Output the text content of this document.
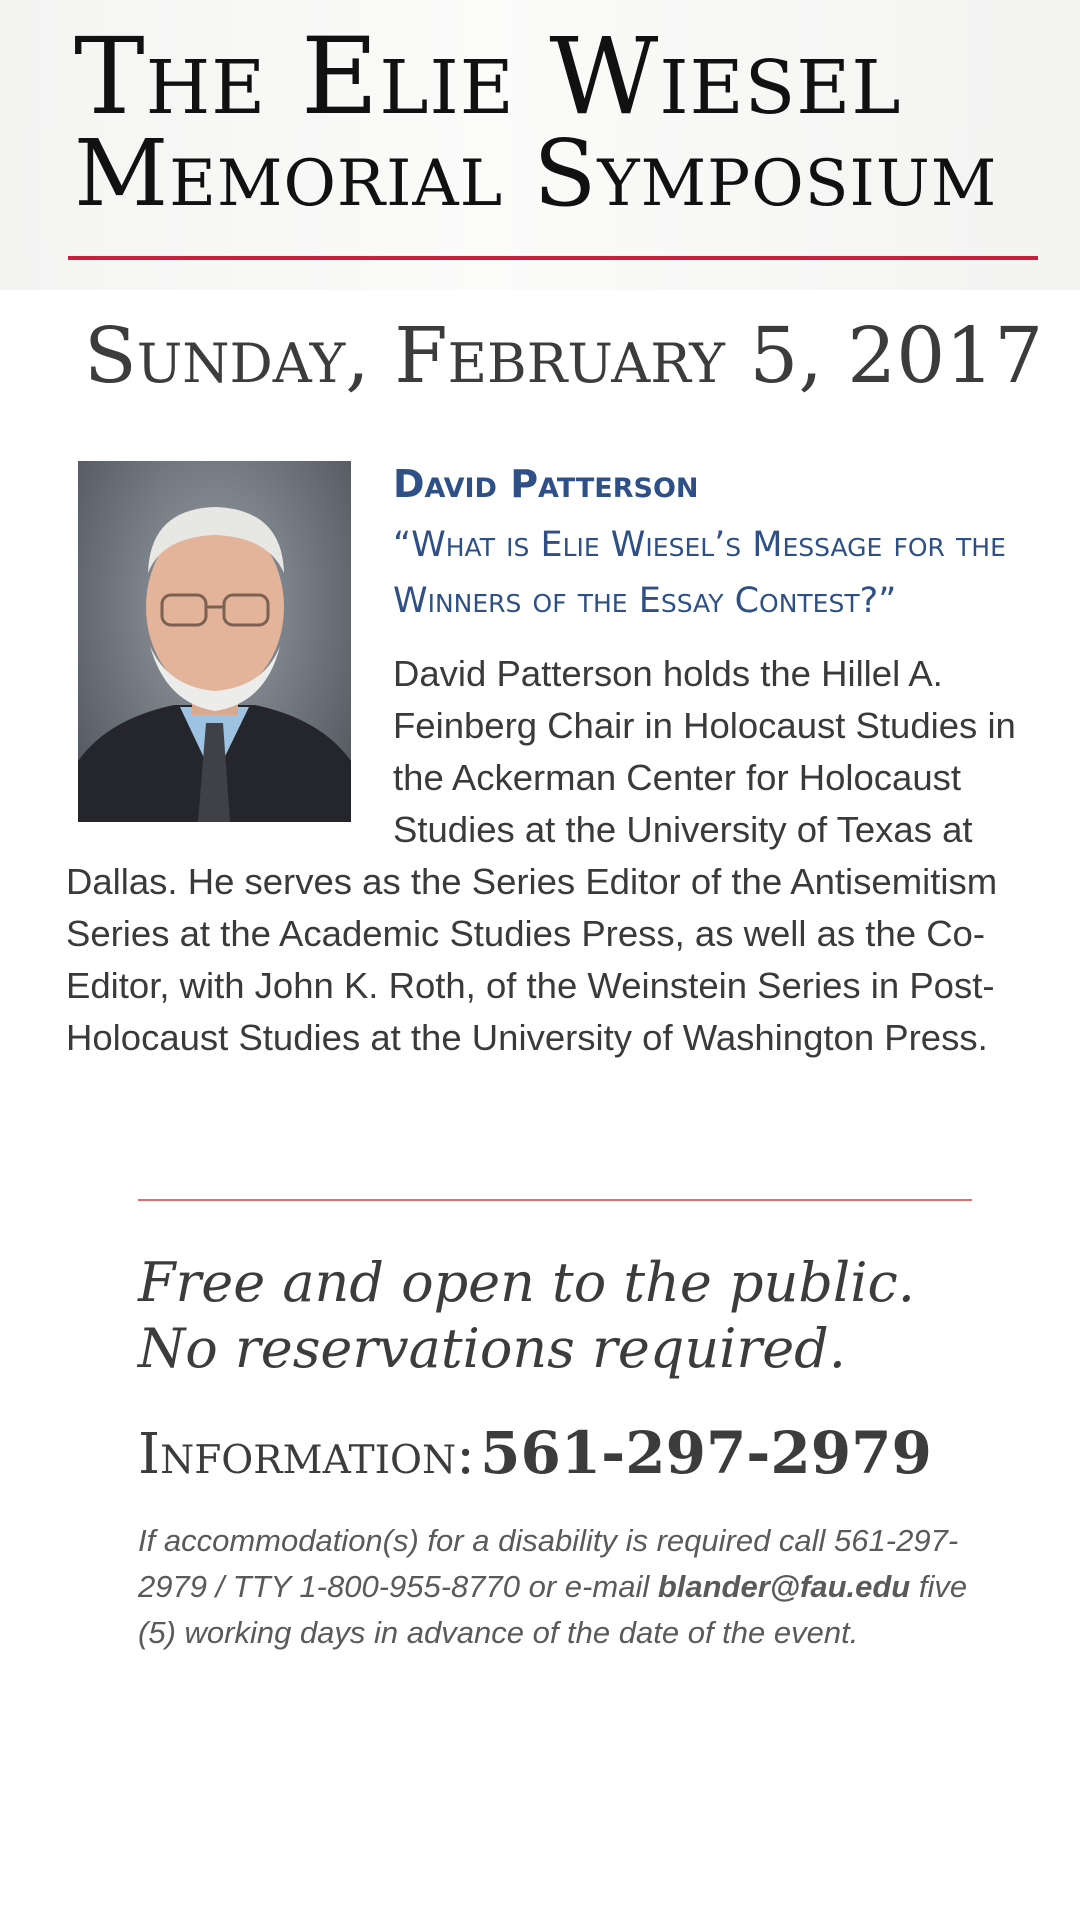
The Elie Wiesel
Memorial Symposium
Sunday, February 5, 2017
David Patterson
“What is Elie Wiesel’s Message for the Winners of the Essay Contest?”
David Patterson holds the Hillel A. Feinberg Chair in Holocaust Studies in the Ackerman Center for Holocaust Studies at the University of Texas at Dallas. He serves as the Series Editor of the Antisemitism Series at the Academic Studies Press, as well as the Co-Editor, with John K. Roth, of the Weinstein Series in Post-Holocaust Studies at the University of Washington Press.
Free and open to the public.
No reservations required.
Information: 561-297-2979
If accommodation(s) for a disability is required call 561-297-2979 / TTY 1-800-955-8770 or e-mail blander@fau.edu five (5) working days in advance of the date of the event.
